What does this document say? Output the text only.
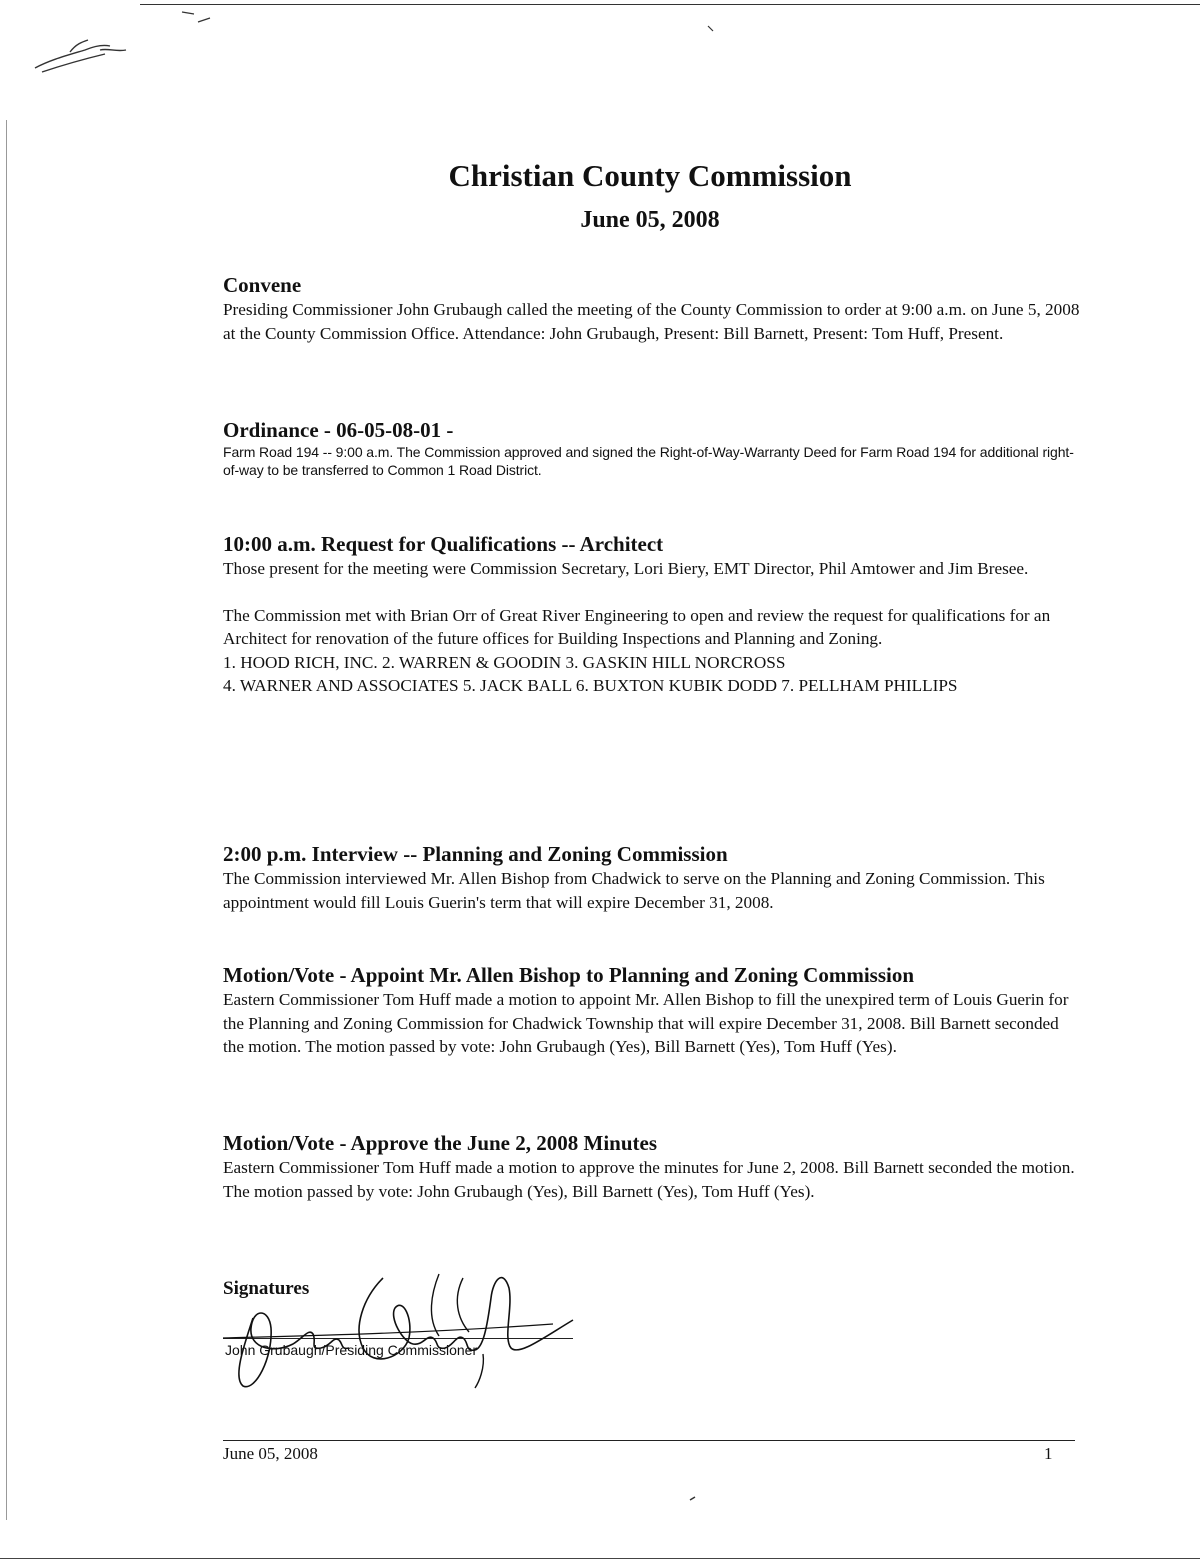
Christian County Commission
June 05, 2008
Convene

Presiding Commissioner John Grubaugh called the meeting of the County Commission to order at 9:00 a.m. on June 5, 2008 at the County Commission Office. Attendance: John Grubaugh, Present: Bill Barnett, Present: Tom Huff, Present.

Ordinance - 06-05-08-01 -

Farm Road 194 -- 9:00 a.m. The Commission approved and signed the Right-of-Way-Warranty Deed for Farm Road 194 for additional right-of-way to be transferred to Common 1 Road District.

10:00 a.m. Request for Qualifications -- Architect

Those present for the meeting were Commission Secretary, Lori Biery, EMT Director, Phil Amtower and Jim Bresee.

The Commission met with Brian Orr of Great River Engineering to open and review the request for qualifications for an Architect for renovation of the future offices for Building Inspections and Planning and Zoning.

1. HOOD RICH, INC. 2. WARREN & GOODIN 3. GASKIN HILL NORCROSS

4. WARNER AND ASSOCIATES 5. JACK BALL 6. BUXTON KUBIK DODD 7. PELLHAM PHILLIPS

2:00 p.m. Interview -- Planning and Zoning Commission

The Commission interviewed Mr. Allen Bishop from Chadwick to serve on the Planning and Zoning Commission. This appointment would fill Louis Guerin's term that will expire December 31, 2008.

Motion/Vote - Appoint Mr. Allen Bishop to Planning and Zoning Commission

Eastern Commissioner Tom Huff made a motion to appoint Mr. Allen Bishop to fill the unexpired term of Louis Guerin for the Planning and Zoning Commission for Chadwick Township that will expire December 31, 2008. Bill Barnett seconded the motion. The motion passed by vote: John Grubaugh (Yes), Bill Barnett (Yes), Tom Huff (Yes).

Motion/Vote - Approve the June 2, 2008 Minutes

Eastern Commissioner Tom Huff made a motion to approve the minutes for June 2, 2008. Bill Barnett seconded the motion. The motion passed by vote: John Grubaugh (Yes), Bill Barnett (Yes), Tom Huff (Yes).

Signatures
John Grubaugh/Presiding Commissioner
June 05, 2008	1
